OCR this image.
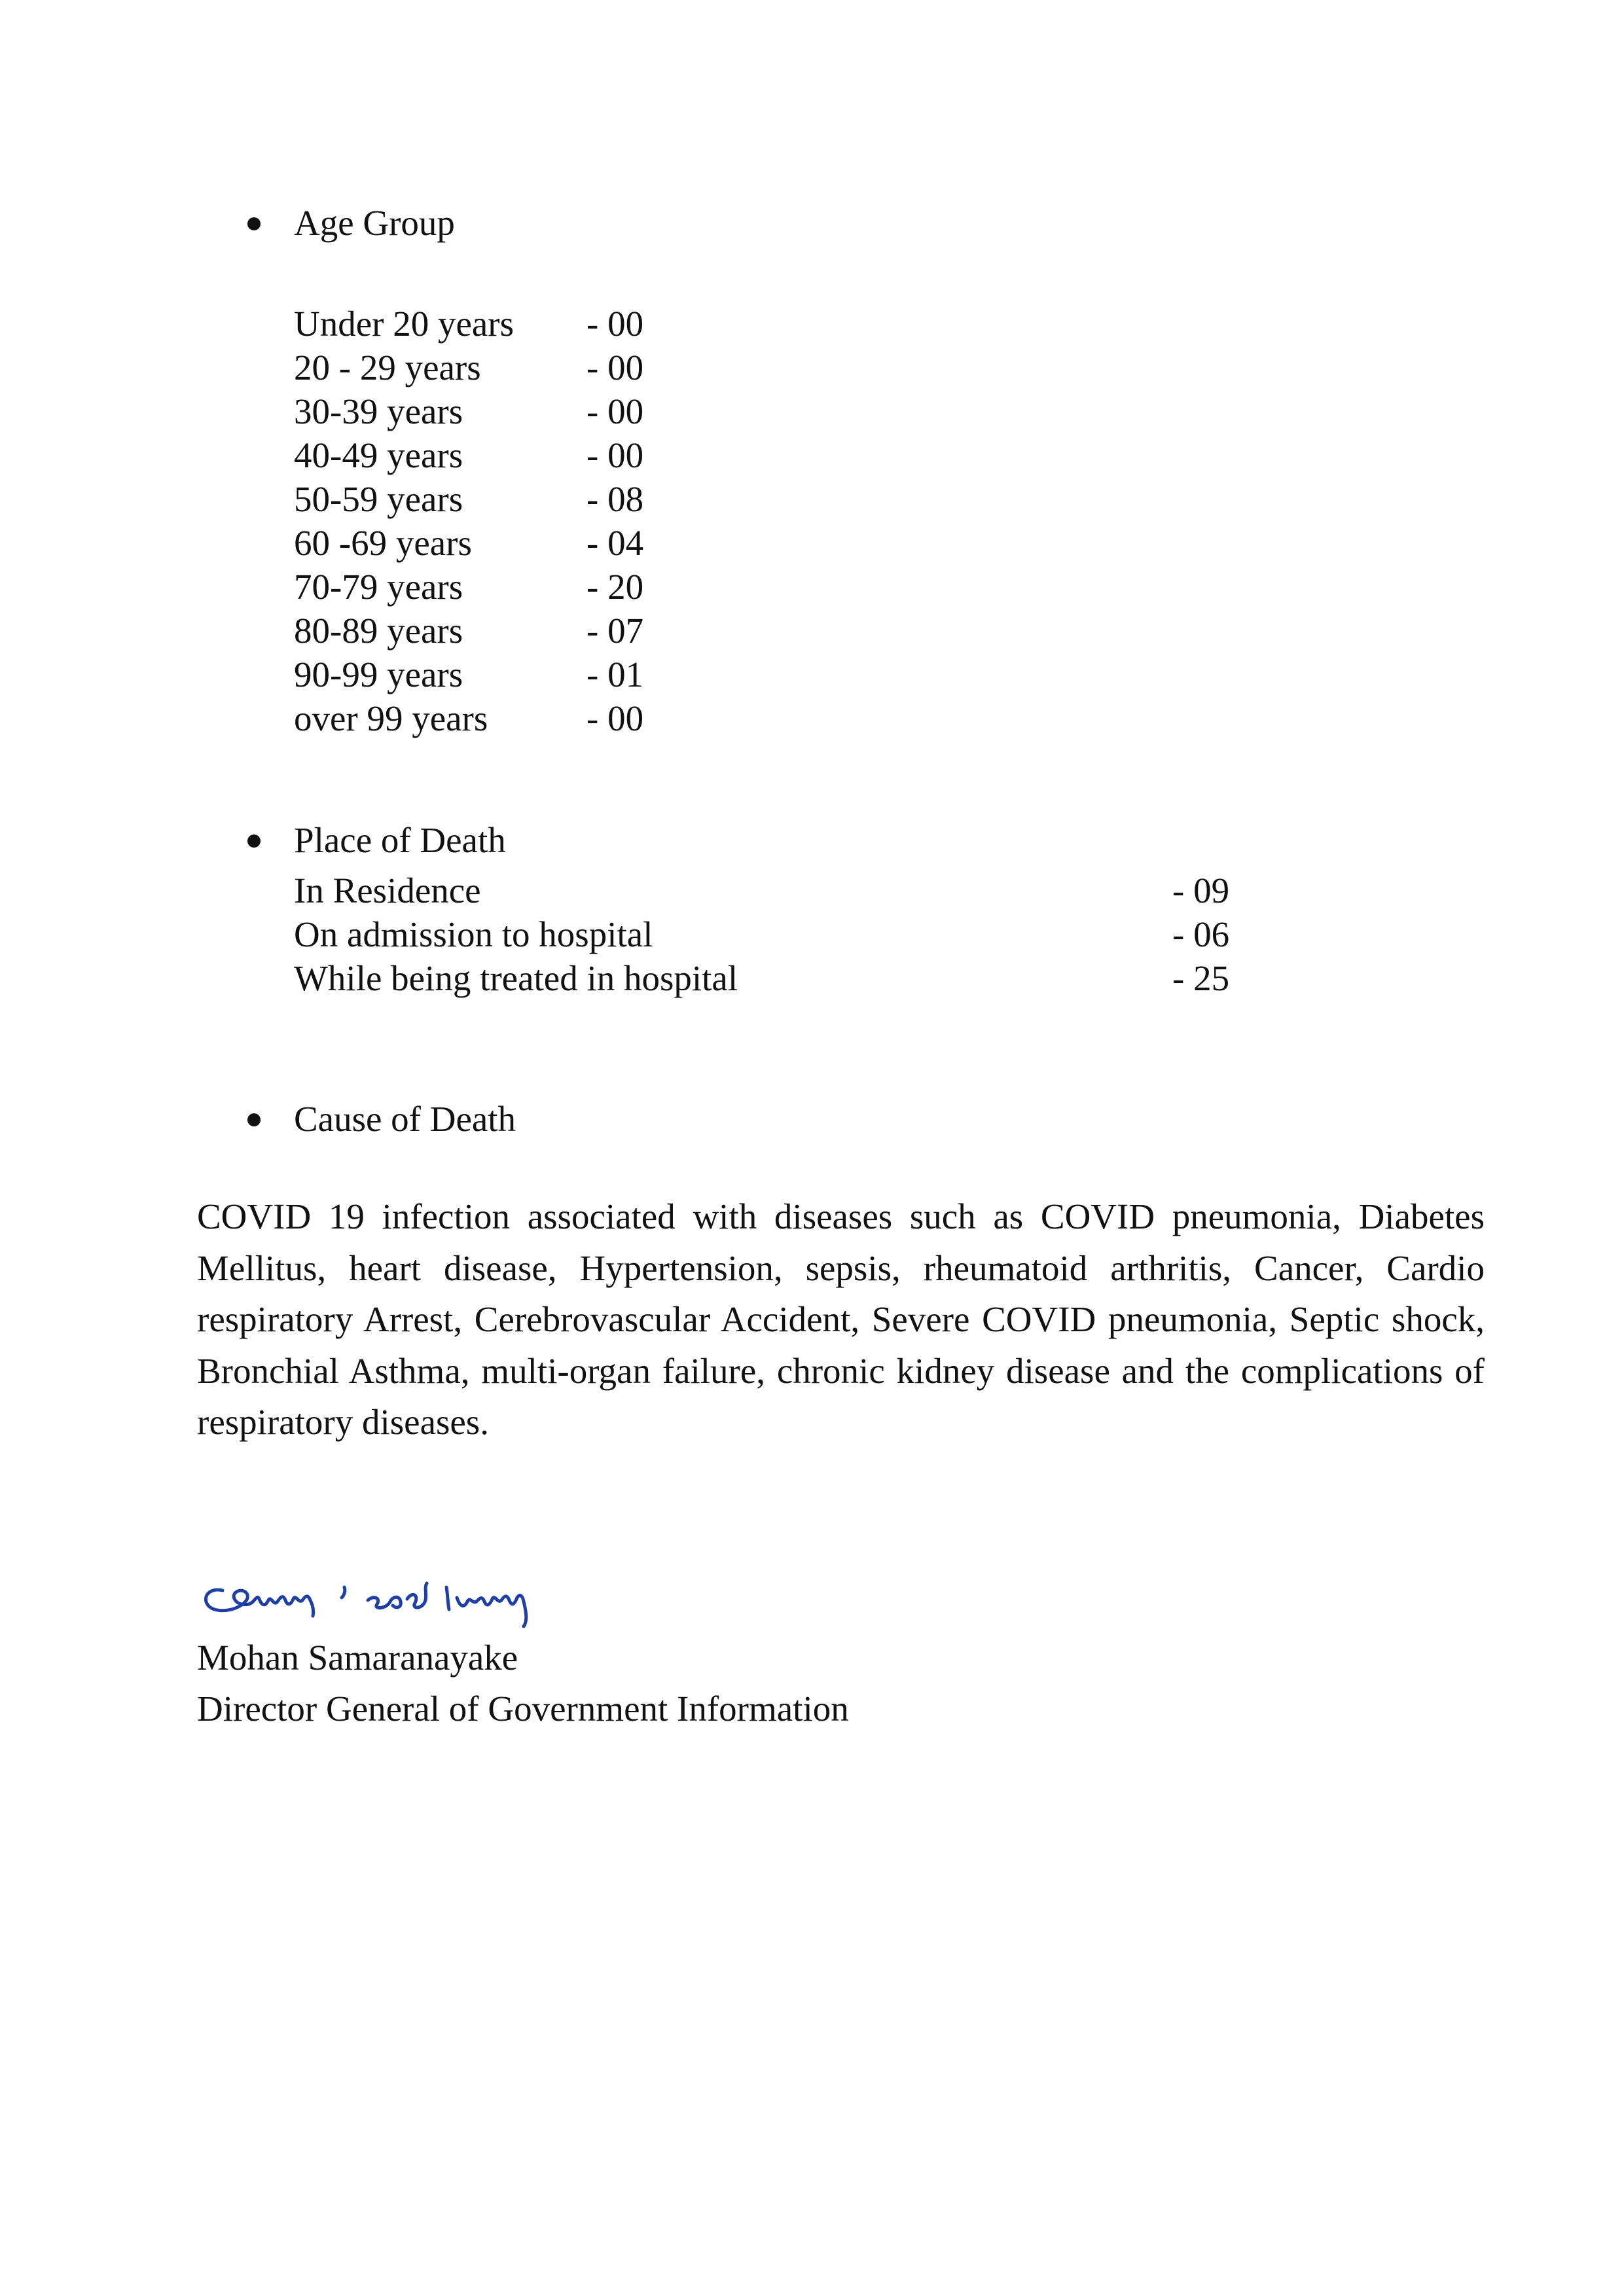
Age Group
Under 20 years - 00
20 - 29 years	- 00
30-39 years	- 00
40-49 years	- 00
50-59 years	- 08
60 -69 years	- 04
70-79 years	- 20
80-89 years	- 07
90-99 years	- 01
over 99 years	- 00
Place of Death
In Residence	- 09
On admission to hospital	- 06
While being treated in hospital	- 25
Cause of Death

COVID 19 infection associated with diseases such as COVID pneumonia, Diabetes Mellitus, heart disease, Hypertension, sepsis, rheumatoid arthritis, Cancer, Cardio respiratory Arrest, Cerebrovascular Accident, Severe COVID pneumonia, Septic shock, Bronchial Asthma, multi-organ failure, chronic kidney disease and the complications of respiratory diseases.

Mohan Samaranayake
Director General of Government Information
